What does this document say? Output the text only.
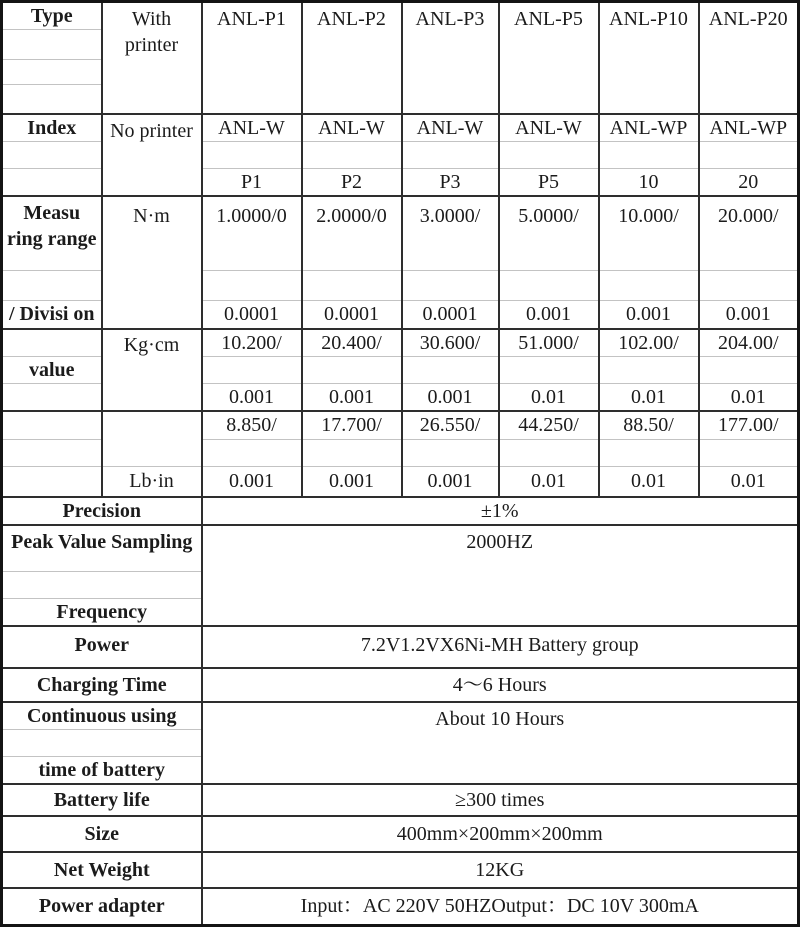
Type	With printer	ANL-P1	ANL-P2	ANL-P3	ANL-P5	ANL-P10	ANL-P20

Index	No printer	ANL-W	ANL-W	ANL-W	ANL-W	ANL-WP	ANL-WP

		P1	P2	P3	P5	10	20

Measu
ring range	N·m	1.0000/0	2.0000/0	3.0000/	5.0000/	10.000/	20.000/

/ Divisi on		0.0001	0.0001	0.0001	0.001	0.001	0.001
	Kg·cm	10.200/	20.400/	30.600/	51.000/	102.00/	204.00/
value							
		0.001	0.001	0.001	0.01	0.01	0.01
		8.850/	17.700/	26.550/	44.250/	88.50/	177.00/

	Lb·in	0.001	0.001	0.001	0.01	0.01	0.01
Precision		±1%					
Peak Value Sampling		2000HZ					

Frequency							
Power		7.2V1.2VX6Ni-MH Battery group					
Charging Time		4～6 Hours					
Continuous using		About 10 Hours					

time of battery							
Battery life		≥300 times					
Size		400mm×200mm×200mm					
Net Weight		12KG					
Power adapter		Input：AC 220V 50HZOutput：DC 10V 300mA					
